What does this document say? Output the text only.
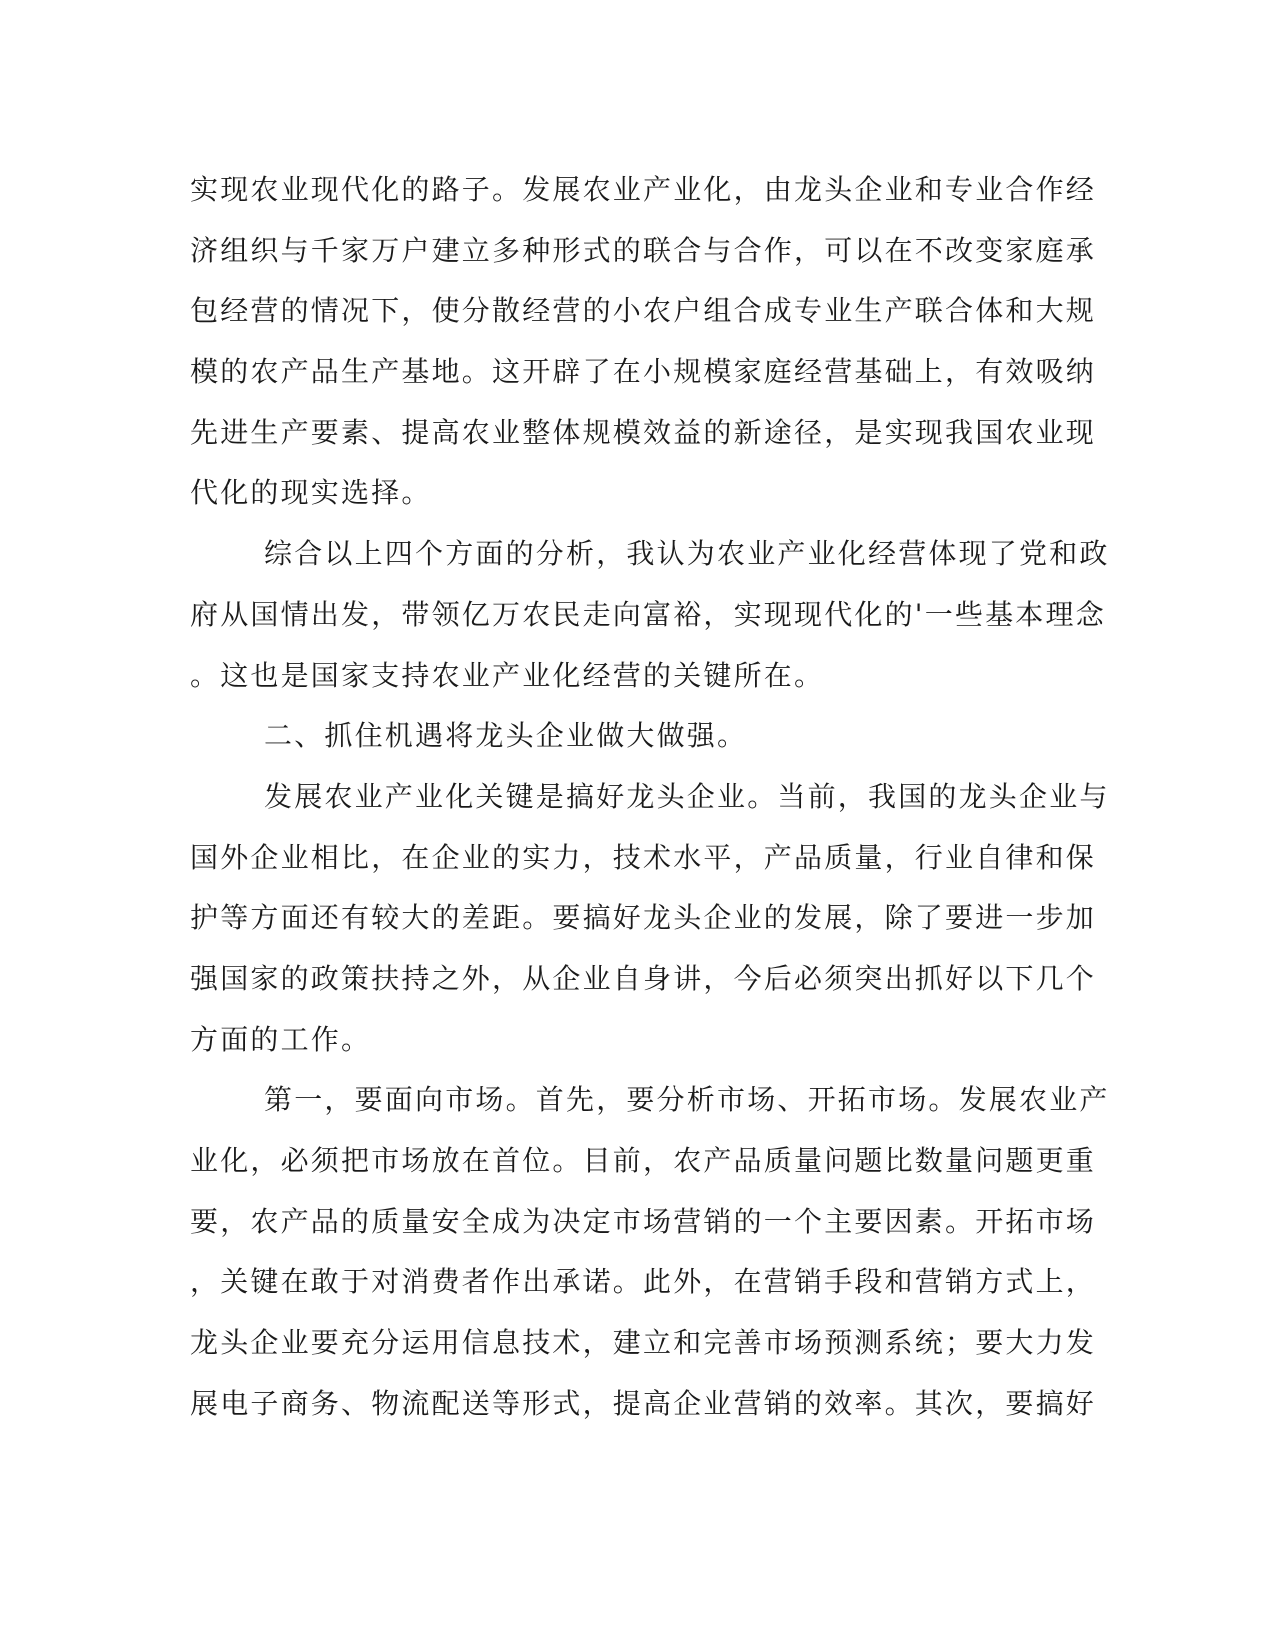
实现农业现代化的路子。发展农业产业化，由龙头企业和专业合作经
济组织与千家万户建立多种形式的联合与合作，可以在不改变家庭承
包经营的情况下，使分散经营的小农户组合成专业生产联合体和大规
模的农产品生产基地。这开辟了在小规模家庭经营基础上，有效吸纳
先进生产要素、提高农业整体规模效益的新途径，是实现我国农业现
代化的现实选择。
综合以上四个方面的分析，我认为农业产业化经营体现了党和政
府从国情出发，带领亿万农民走向富裕，实现现代化的'一些基本理念
。这也是国家支持农业产业化经营的关键所在。
二、抓住机遇将龙头企业做大做强。
发展农业产业化关键是搞好龙头企业。当前，我国的龙头企业与
国外企业相比，在企业的实力，技术水平，产品质量，行业自律和保
护等方面还有较大的差距。要搞好龙头企业的发展，除了要进一步加
强国家的政策扶持之外，从企业自身讲，今后必须突出抓好以下几个
方面的工作。
第一，要面向市场。首先，要分析市场、开拓市场。发展农业产
业化，必须把市场放在首位。目前，农产品质量问题比数量问题更重
要，农产品的质量安全成为决定市场营销的一个主要因素。开拓市场
，关键在敢于对消费者作出承诺。此外，在营销手段和营销方式上，
龙头企业要充分运用信息技术，建立和完善市场预测系统；要大力发
展电子商务、物流配送等形式，提高企业营销的效率。其次，要搞好
